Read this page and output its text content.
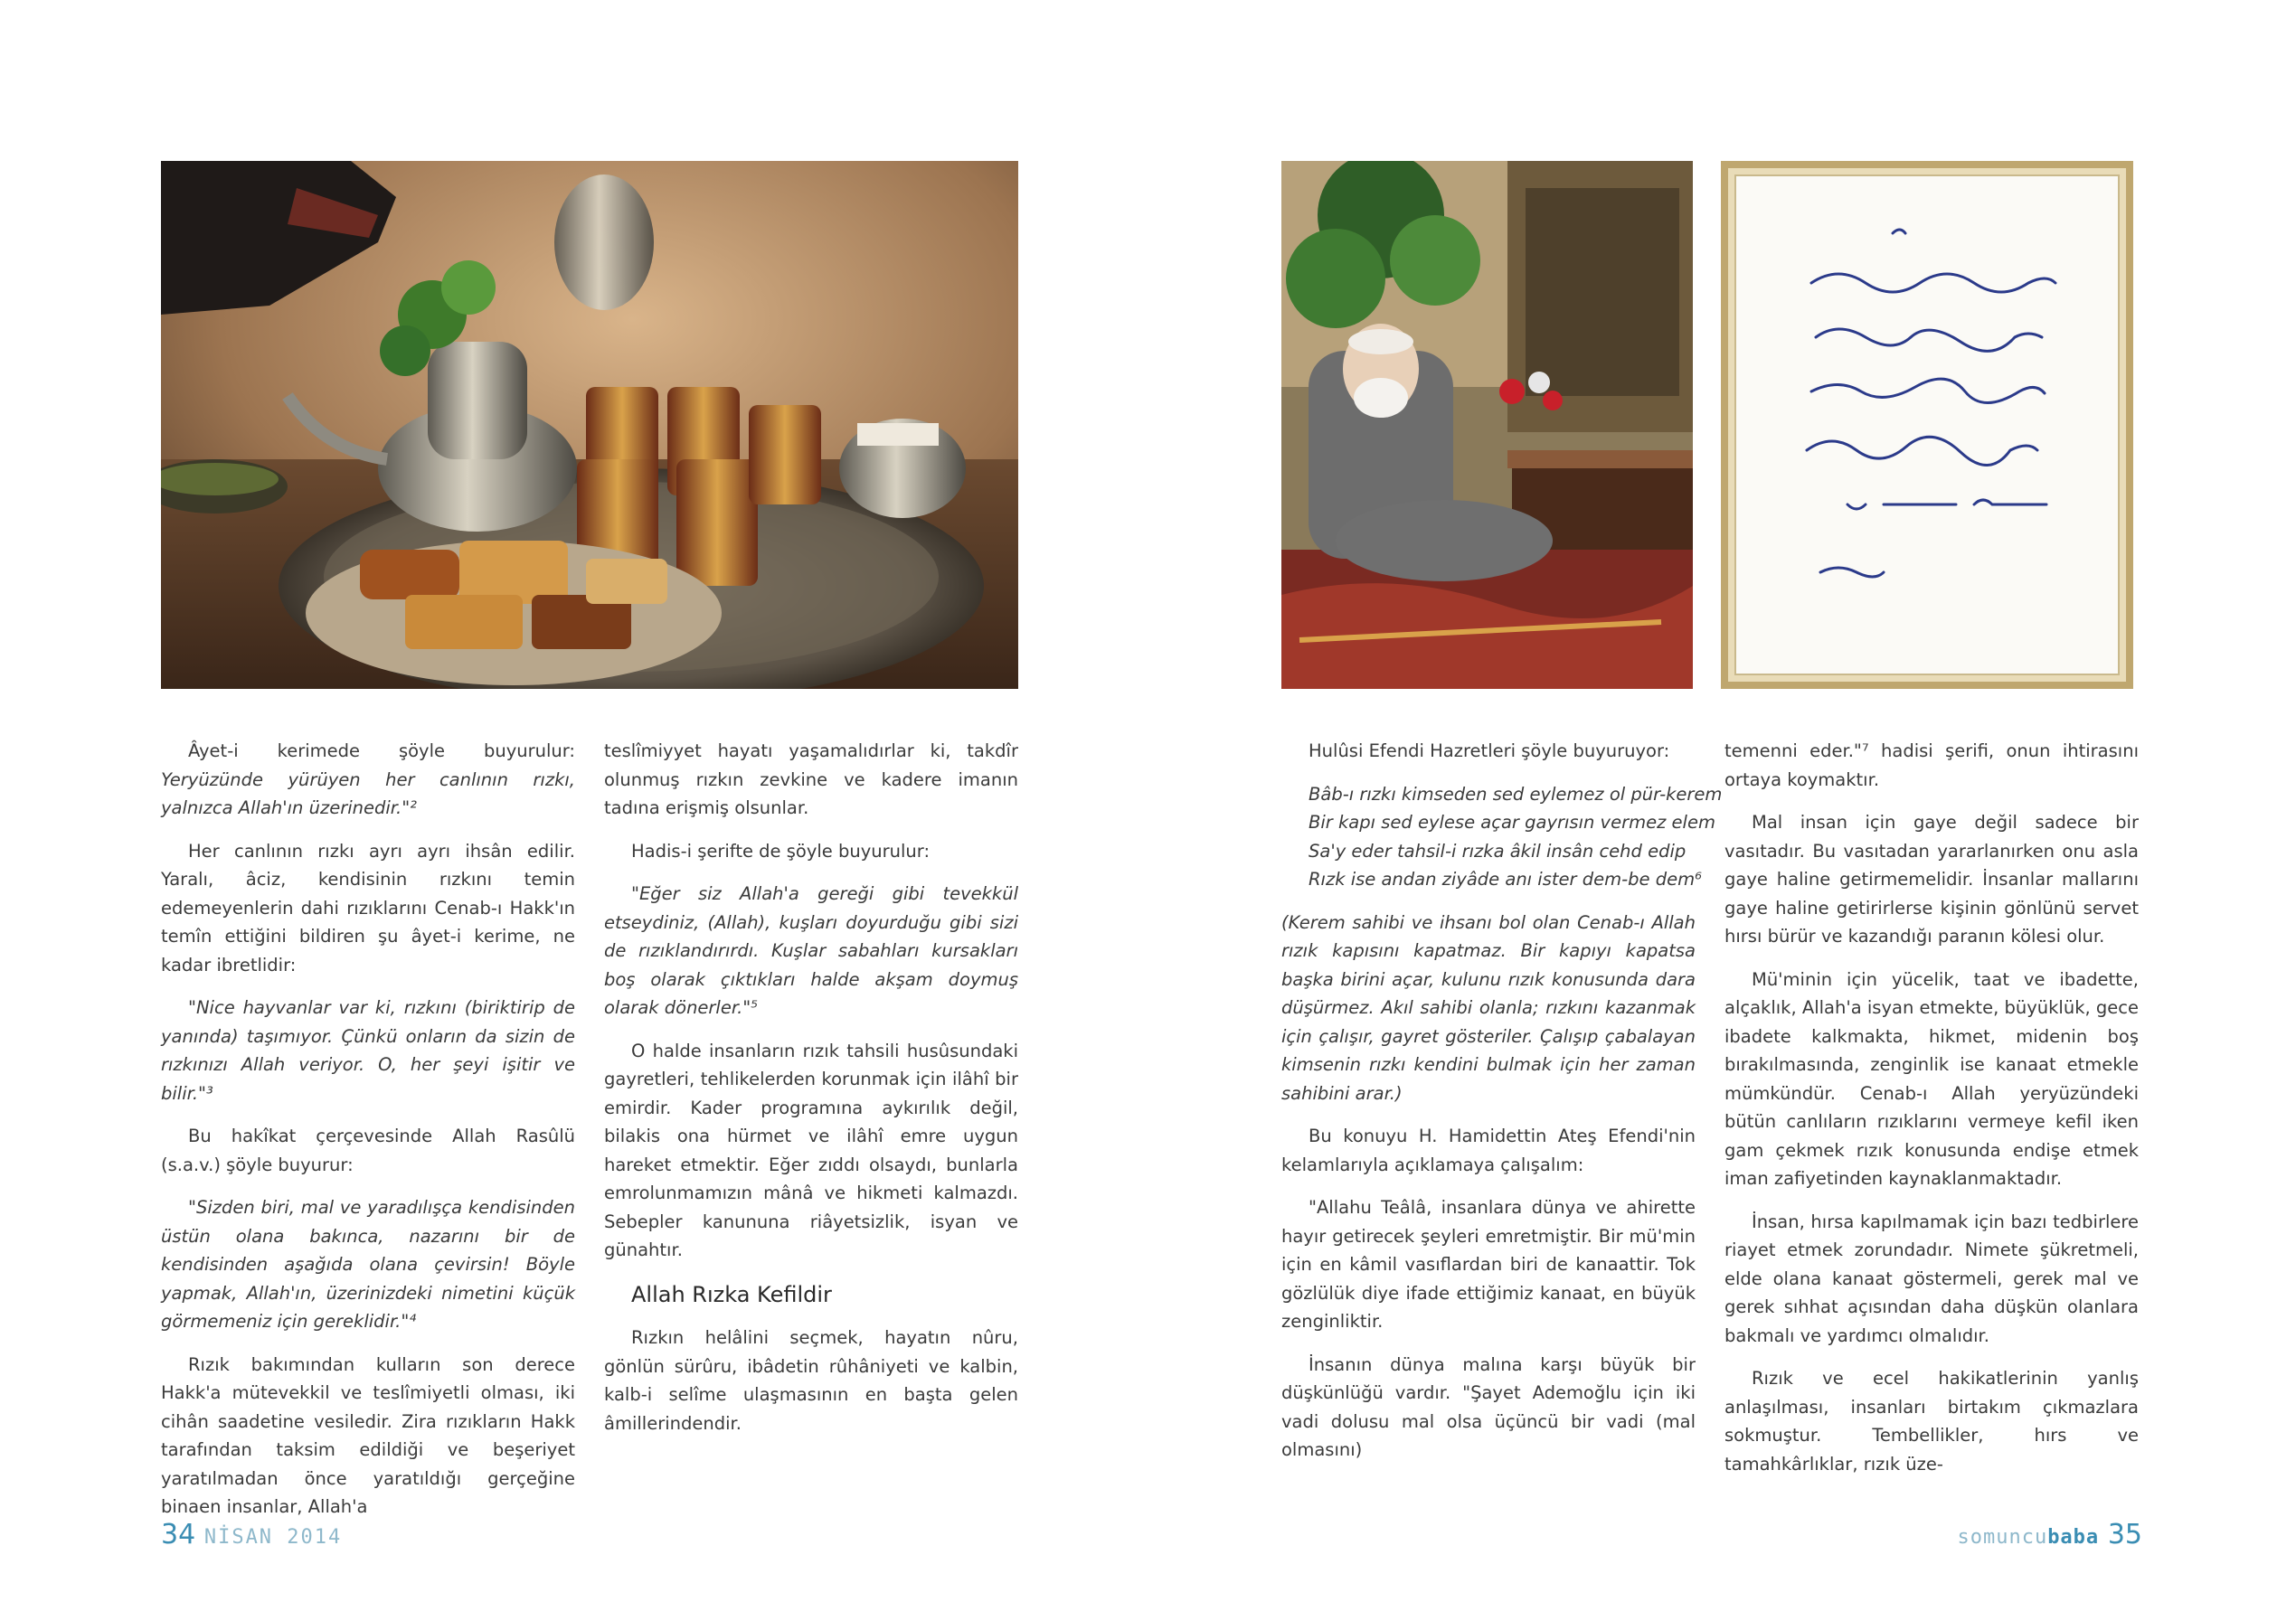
Âyet-i kerimede şöyle buyurulur: Yeryüzünde yürüyen her canlının rızkı, yalnızca Allah'ın üzerinedir."²

Her canlının rızkı ayrı ayrı ihsân edilir. Yaralı, âciz, kendisinin rızkını temin edemeyenlerin dahi rızıklarını Cenab-ı Hakk'ın temîn ettiğini bildiren şu âyet-i kerime, ne kadar ibretlidir:

"Nice hayvanlar var ki, rızkını (biriktirip de yanında) taşımıyor. Çünkü onların da sizin de rızkınızı Allah veriyor. O, her şeyi işitir ve bilir."³

Bu hakîkat çerçevesinde Allah Rasûlü (s.a.v.) şöyle buyurur:

"Sizden biri, mal ve yaradılışça kendisinden üstün olana bakınca, nazarını bir de kendisinden aşağıda olana çevirsin! Böyle yapmak, Allah'ın, üzerinizdeki nimetini küçük görmemeniz için gereklidir."⁴

Rızık bakımından kulların son derece Hakk'a mütevekkil ve teslîmiyetli olması, iki cihân saadetine vesiledir. Zira rızıkların Hakk tarafından taksim edildiği ve beşeriyet yaratılmadan önce yaratıldığı gerçeğine binaen insanlar, Allah'a

teslîmiyyet hayatı yaşamalıdırlar ki, takdîr olunmuş rızkın zevkine ve kadere imanın tadına erişmiş olsunlar.

Hadis-i şerifte de şöyle buyurulur:

"Eğer siz Allah'a gereği gibi tevekkül etseydiniz, (Allah), kuşları doyurduğu gibi sizi de rızıklandırırdı. Kuşlar sabahları kursakları boş olarak çıktıkları halde akşam doymuş olarak dönerler."⁵

O halde insanların rızık tahsili husûsundaki gayretleri, tehlikelerden korunmak için ilâhî bir emirdir. Kader programına aykırılık değil, bilakis ona hürmet ve ilâhî emre uygun hareket etmektir. Eğer zıddı olsaydı, bunlarla emrolunmamızın mânâ ve hikmeti kalmazdı. Sebepler kanununa riâyetsizlik, isyan ve günahtır.

Allah Rızka Kefildir

Rızkın helâlini seçmek, hayatın nûru, gönlün sürûru, ibâdetin rûhâniyeti ve kalbin, kalb-i selîme ulaşmasının en başta gelen âmillerindendir.

Hulûsi Efendi Hazretleri şöyle buyuruyor:

Bâb-ı rızkı kimseden sed eylemez ol pür-kerem
Bir kapı sed eylese açar gayrısın vermez elem
Sa'y eder tahsil-i rızka âkil insân cehd edip
Rızk ise andan ziyâde anı ister dem-be dem⁶

(Kerem sahibi ve ihsanı bol olan Cenab-ı Allah rızık kapısını kapatmaz. Bir kapıyı kapatsa başka birini açar, kulunu rızık konusunda dara düşürmez. Akıl sahibi olanla; rızkını kazanmak için çalışır, gayret gösteriler. Çalışıp çabalayan kimsenin rızkı kendini bulmak için her zaman sahibini arar.)

Bu konuyu H. Hamidettin Ateş Efendi'nin kelamlarıyla açıklamaya çalışalım:

"Allahu Teâlâ, insanlara dünya ve ahirette hayır getirecek şeyleri emretmiştir. Bir mü'min için en kâmil vasıflardan biri de kanaattir. Tok gözlülük diye ifade ettiğimiz kanaat, en büyük zenginliktir.

İnsanın dünya malına karşı büyük bir düşkünlüğü vardır. "Şayet Ademoğlu için iki vadi dolusu mal olsa üçüncü bir vadi (mal olmasını)

temenni eder."⁷ hadisi şerifi, onun ihtirasını ortaya koymaktır.

Mal insan için gaye değil sadece bir vasıtadır. Bu vasıtadan yararlanırken onu asla gaye haline getirmemelidir. İnsanlar mallarını gaye haline getirirlerse kişinin gönlünü servet hırsı bürür ve kazandığı paranın kölesi olur.

Mü'minin için yücelik, taat ve ibadette, alçaklık, Allah'a isyan etmekte, büyüklük, gece ibadete kalkmakta, hikmet, midenin boş bırakılmasında, zenginlik ise kanaat etmekle mümkündür. Cenab-ı Allah yeryüzündeki bütün canlıların rızıklarını vermeye kefil iken gam çekmek rızık konusunda endişe etmek iman zafiyetinden kaynaklanmaktadır.

İnsan, hırsa kapılmamak için bazı tedbirlere riayet etmek zorundadır. Nimete şükretmeli, elde olana kanaat göstermeli, gerek mal ve gerek sıhhat açısından daha düşkün olanlara bakmalı ve yardımcı olmalıdır.

Rızık ve ecel hakikatlerinin yanlış anlaşılması, insanları birtakım çıkmazlara sokmuştur. Tembellikler, hırs ve tamahkârlıklar, rızık üze-

34 NİSAN 2014	somuncubaba 35
